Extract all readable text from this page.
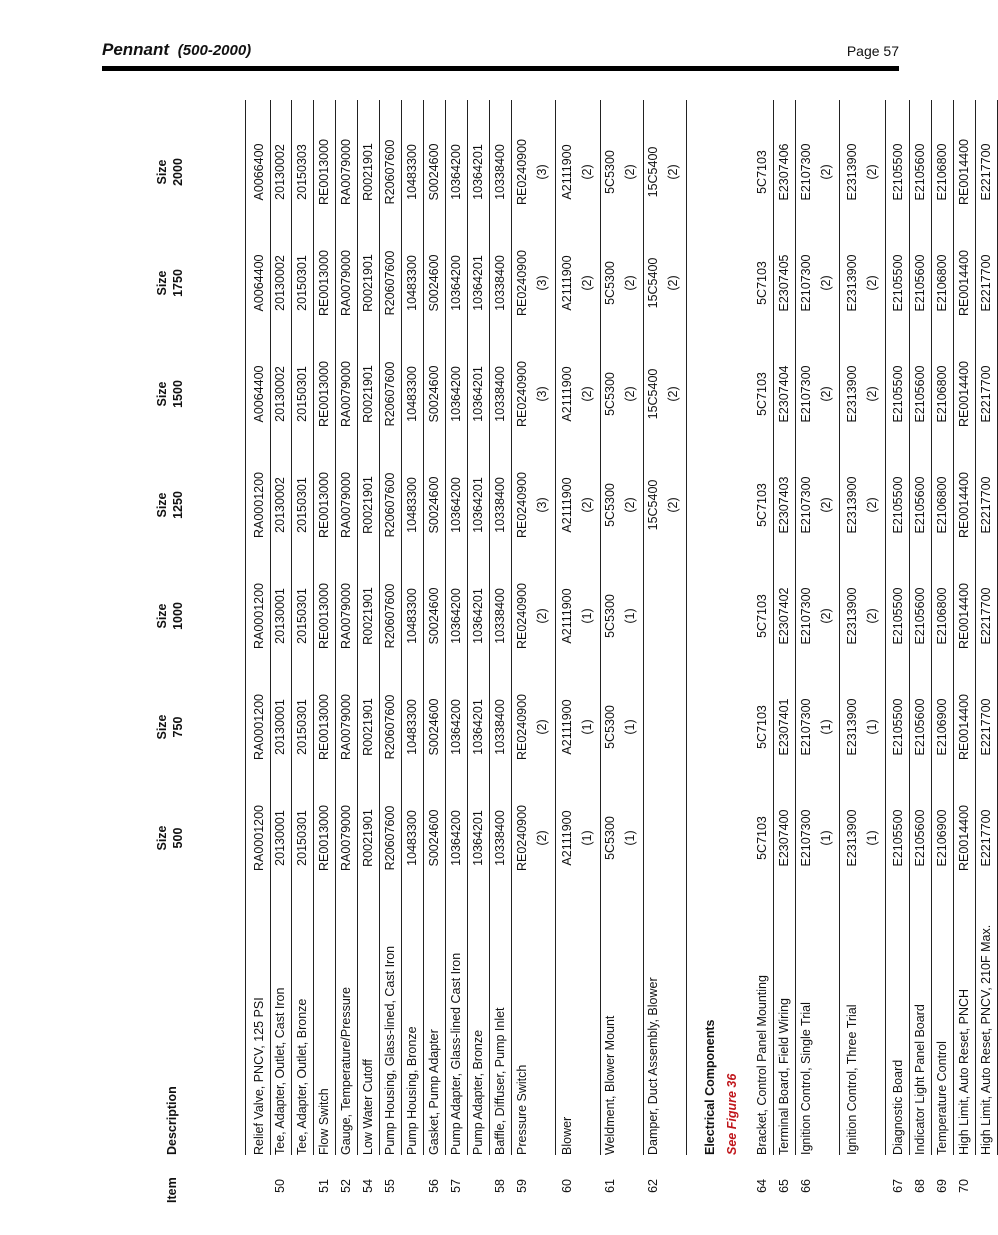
Pennant (500-2000)	Page 57
Item
Description
Size 500
Size 750
Size 1000
Size 1250
Size 1500
Size 1750
Size 2000
Relief Valve, PNCV, 125 PSI
RA0001200
RA0001200
RA0001200
RA0001200
A0064400
A0064400
A0066400
50
Tee, Adapter, Outlet, Cast Iron
20130001
20130001
20130001
20130002
20130002
20130002
20130002
Tee, Adapter, Outlet, Bronze
20150301
20150301
20150301
20150301
20150301
20150301
20150303
51
Flow Switch
RE0013000
RE0013000
RE0013000
RE0013000
RE0013000
RE0013000
RE0013000
52
Gauge, Temperature/Pressure
RA0079000
RA0079000
RA0079000
RA0079000
RA0079000
RA0079000
RA0079000
54
Low Water Cutoff
R0021901
R0021901
R0021901
R0021901
R0021901
R0021901
R0021901
55
Pump Housing, Glass-lined, Cast Iron
R20607600
R20607600
R20607600
R20607600
R20607600
R20607600
R20607600
Pump Housing, Bronze
10483300
10483300
10483300
10483300
10483300
10483300
10483300
56
Gasket, Pump Adapter
S0024600
S0024600
S0024600
S0024600
S0024600
S0024600
S0024600
57
Pump Adapter, Glass-lined Cast Iron
10364200
10364200
10364200
10364200
10364200
10364200
10364200
Pump Adapter, Bronze
10364201
10364201
10364201
10364201
10364201
10364201
10364201
58
Baffle, Diffuser, Pump Inlet
10338400
10338400
10338400
10338400
10338400
10338400
10338400
59
Pressure Switch
RE0240900 (2)
RE0240900 (2)
RE0240900 (2)
RE0240900 (3)
RE0240900 (3)
RE0240900 (3)
RE0240900 (3)
60
Blower
A2111900 (1)
A2111900 (1)
A2111900 (1)
A2111900 (2)
A2111900 (2)
A2111900 (2)
A2111900 (2)
61
Weldment, Blower Mount
5C5300 (1)
5C5300 (1)
5C5300 (1)
5C5300 (2)
5C5300 (2)
5C5300 (2)
5C5300 (2)
62
Damper, Duct Assembly, Blower
15C5400 (2)
15C5400 (2)
15C5400 (2)
15C5400 (2)
64
Bracket, Control Panel Mounting
5C7103
5C7103
5C7103
5C7103
5C7103
5C7103
5C7103
65
Terminal Board, Field Wiring
E2307400
E2307401
E2307402
E2307403
E2307404
E2307405
E2307406
66
Ignition Control, Single Trial
E2107300 (1)
E2107300 (1)
E2107300 (2)
E2107300 (2)
E2107300 (2)
E2107300 (2)
E2107300 (2)
Ignition Control, Three Trial
E2313900 (1)
E2313900 (1)
E2313900 (2)
E2313900 (2)
E2313900 (2)
E2313900 (2)
E2313900 (2)
67
Diagnostic Board
E2105500
E2105500
E2105500
E2105500
E2105500
E2105500
E2105500
68
Indicator Light Panel Board
E2105600
E2105600
E2105600
E2105600
E2105600
E2105600
E2105600
69
Temperature Control
E2106900
E2106900
E2106800
E2106800
E2106800
E2106800
E2106800
70
High Limit, Auto Reset, PNCH
RE0014400
RE0014400
RE0014400
RE0014400
RE0014400
RE0014400
RE0014400
High Limit, Auto Reset, PNCV, 210F Max.
E2217700
E2217700
E2217700
E2217700
E2217700
E2217700
E2217700
Electrical Components See Figure 36
